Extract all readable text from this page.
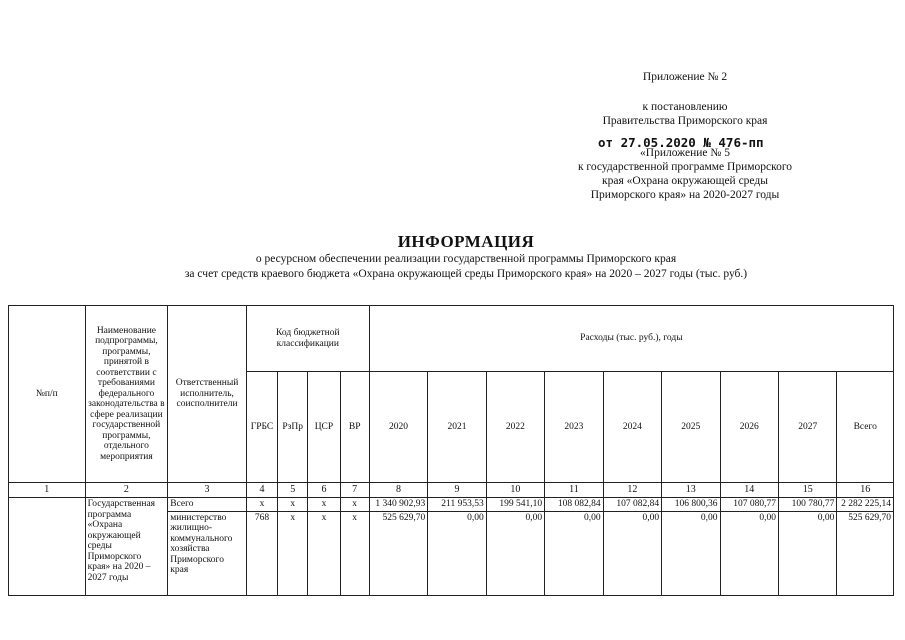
Приложение № 2
к постановлению
Правительства Приморского края
от 27.05.2020 № 476-пп
«Приложение № 5
к государственной программе Приморского
края «Охрана окружающей среды
Приморского края» на 2020-2027 годы
ИНФОРМАЦИЯ
о ресурсном обеспечении реализации государственной программы Приморского края
за счет средств краевого бюджета «Охрана окружающей среды Приморского края» на 2020 – 2027 годы (тыс. руб.)
№п/п	Наименование подпрограммы, программы, принятой в соответствии с требованиями федерального законодательства в сфере реализации государственной программы, отдельного мероприятия	Ответственный исполнитель, соисполнители	Код бюджетной классификации				Расходы (тыс. руб.), годы								
			ГРБС	РзПр	ЦСР	ВР	2020	2021	2022	2023	2024	2025	2026	2027	Всего

1	2	3	4	5	6	7	8	9	10	11	12	13	14	15	16
	Государственная программа «Охрана окружающей среды Приморского края» на 2020 – 2027 годы	Всего	х	х	х	х	1 340 902,93	211 953,53	199 541,10	108 082,84	107 082,84	106 800,36	107 080,77	100 780,77	2 282 225,14
		министерство жилищно-коммунального хозяйства Приморского края	768	х	х	х	525 629,70	0,00	0,00	0,00	0,00	0,00	0,00	0,00	525 629,70
